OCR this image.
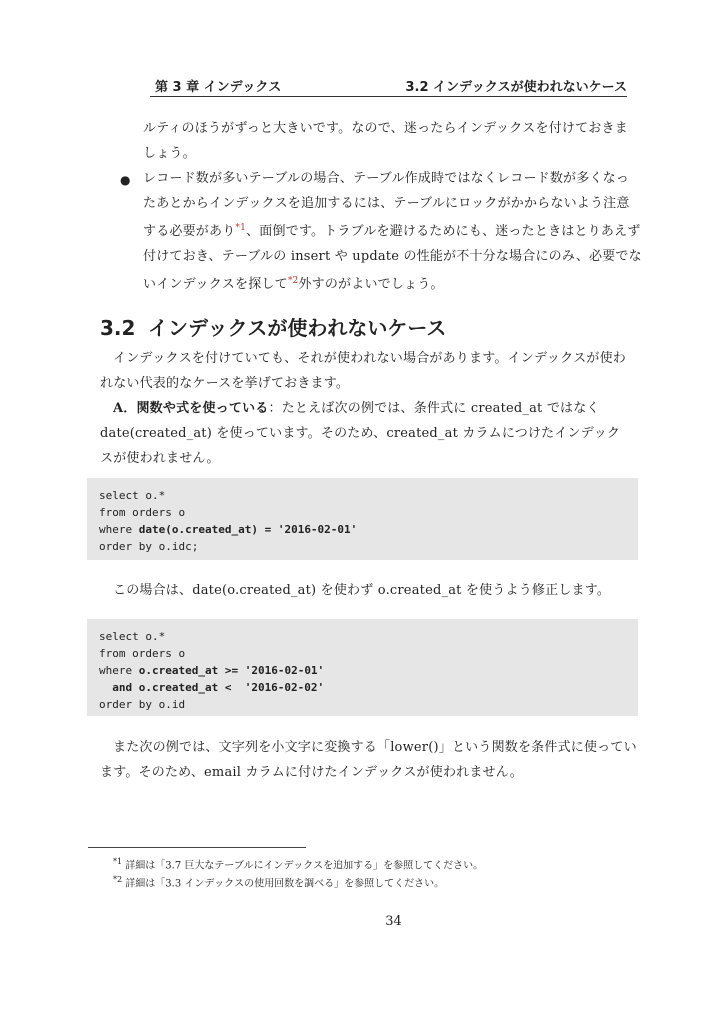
第 3 章 インデックス	3.2 インデックスが使われないケース
ルティのほうがずっと大きいです。なので、迷ったらインデックスを付けておきま
しょう。
● レコード数が多いテーブルの場合、テーブル作成時ではなくレコード数が多くなっ
たあとからインデックスを追加するには、テーブルにロックがかからないよう注意
する必要があり$^{*1}$、面倒です。トラブルを避けるためにも、迷ったときはとりあえず
付けておき、テーブルの insert や update の性能が不十分な場合にのみ、必要でな
いインデックスを探して$^{*2}$外すのがよいでしょう。
3.2 インデックスが使われないケース
インデックスを付けていても、それが使われない場合があります。インデックスが使わ
れない代表的なケースを挙げておきます。
A．関数や式を使っている：たとえば次の例では、条件式に created_at ではなく
date(created_at) を使っています。そのため、created_at カラムにつけたインデック
スが使われません。
select o.*
from orders o
where date(o.created_at) = '2016-02-01'
order by o.idc;
この場合は、date(o.created_at) を使わず o.created_at を使うよう修正します。
select o.*
from orders o
where o.created_at >= '2016-02-01'
and o.created_at <  '2016-02-02'
order by o.id
また次の例では、文字列を小文字に変換する「lower()」という関数を条件式に使ってい
ます。そのため、email カラムに付けたインデックスが使われません。
$^{*1}$ 詳細は「3.7 巨大なテーブルにインデックスを追加する」を参照してください。
$^{*2}$ 詳細は「3.3 インデックスの使用回数を調べる」を参照してください。
34
